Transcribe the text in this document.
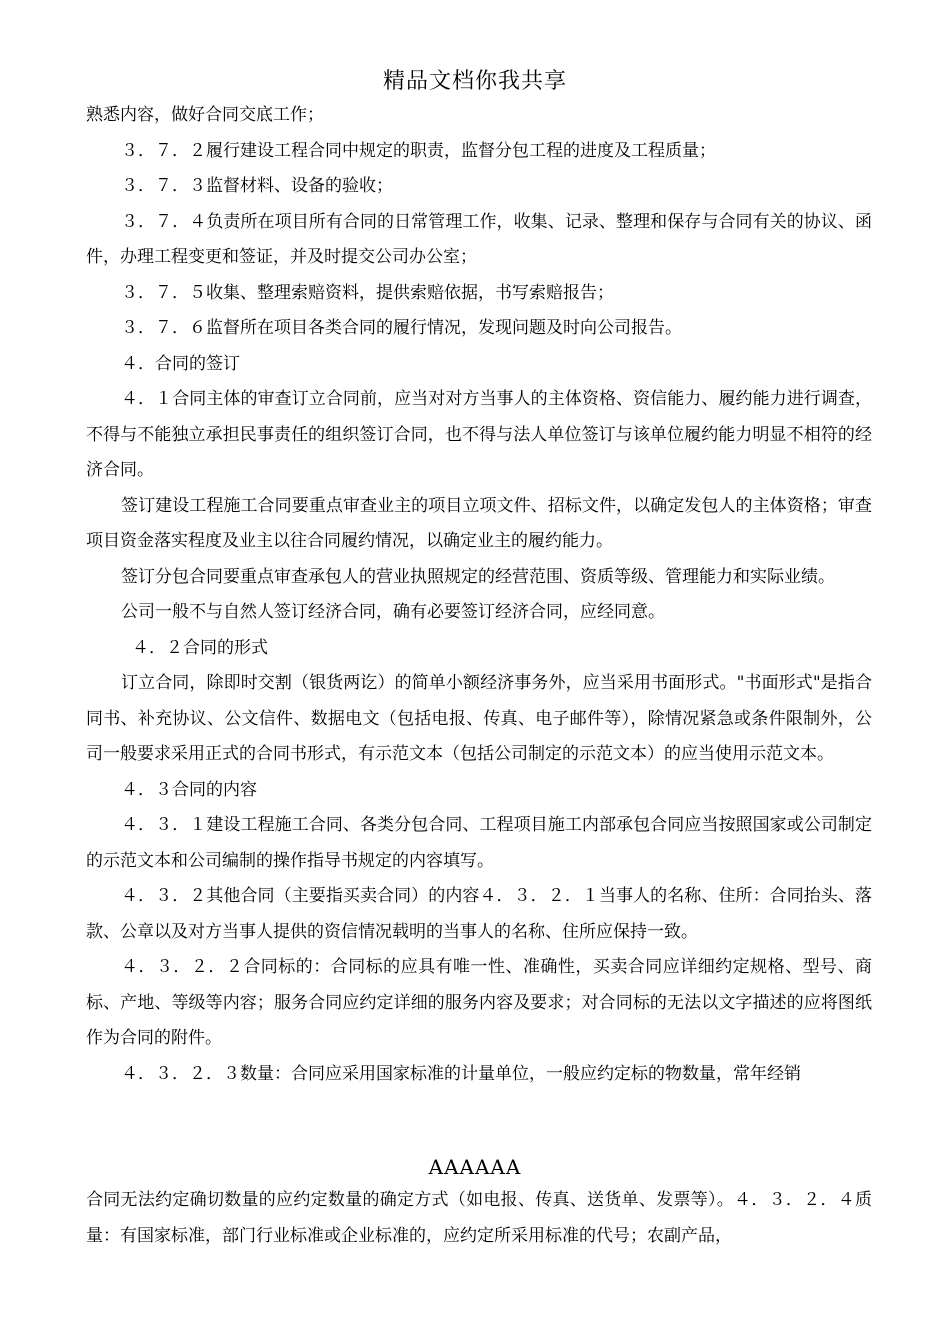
精品文档你我共享

熟悉内容，做好合同交底工作；

３．７．２履行建设工程合同中规定的职责，监督分包工程的进度及工程质量；

３．７．３监督材料、设备的验收；

３．７．４负责所在项目所有合同的日常管理工作，收集、记录、整理和保存与合同有关的协议、函件，办理工程变更和签证，并及时提交公司办公室；

３．７．５收集、整理索赔资料，提供索赔依据，书写索赔报告；

３．７．６监督所在项目各类合同的履行情况，发现问题及时向公司报告。

４．合同的签订

４．１合同主体的审查订立合同前，应当对对方当事人的主体资格、资信能力、履约能力进行调查，不得与不能独立承担民事责任的组织签订合同，也不得与法人单位签订与该单位履约能力明显不相符的经济合同。

签订建设工程施工合同要重点审查业主的项目立项文件、招标文件，以确定发包人的主体资格；审查项目资金落实程度及业主以往合同履约情况，以确定业主的履约能力。

签订分包合同要重点审查承包人的营业执照规定的经营范围、资质等级、管理能力和实际业绩。

公司一般不与自然人签订经济合同，确有必要签订经济合同，应经同意。

４．２合同的形式

订立合同，除即时交割（银货两讫）的简单小额经济事务外，应当采用书面形式。"书面形式"是指合同书、补充协议、公文信件、数据电文（包括电报、传真、电子邮件等），除情况紧急或条件限制外，公司一般要求采用正式的合同书形式，有示范文本（包括公司制定的示范文本）的应当使用示范文本。

４．３合同的内容

４．３．１建设工程施工合同、各类分包合同、工程项目施工内部承包合同应当按照国家或公司制定的示范文本和公司编制的操作指导书规定的内容填写。

４．３．２其他合同（主要指买卖合同）的内容４．３．２．１当事人的名称、住所：合同抬头、落款、公章以及对方当事人提供的资信情况载明的当事人的名称、住所应保持一致。

４．３．２．２合同标的：合同标的应具有唯一性、准确性，买卖合同应详细约定规格、型号、商标、产地、等级等内容；服务合同应约定详细的服务内容及要求；对合同标的无法以文字描述的应将图纸作为合同的附件。

４．３．２．３数量：合同应采用国家标准的计量单位，一般应约定标的物数量，常年经销

AAAAAA

合同无法约定确切数量的应约定数量的确定方式（如电报、传真、送货单、发票等）。４．３．２．４质量：有国家标准，部门行业标准或企业标准的，应约定所采用标准的代号；农副产品，
